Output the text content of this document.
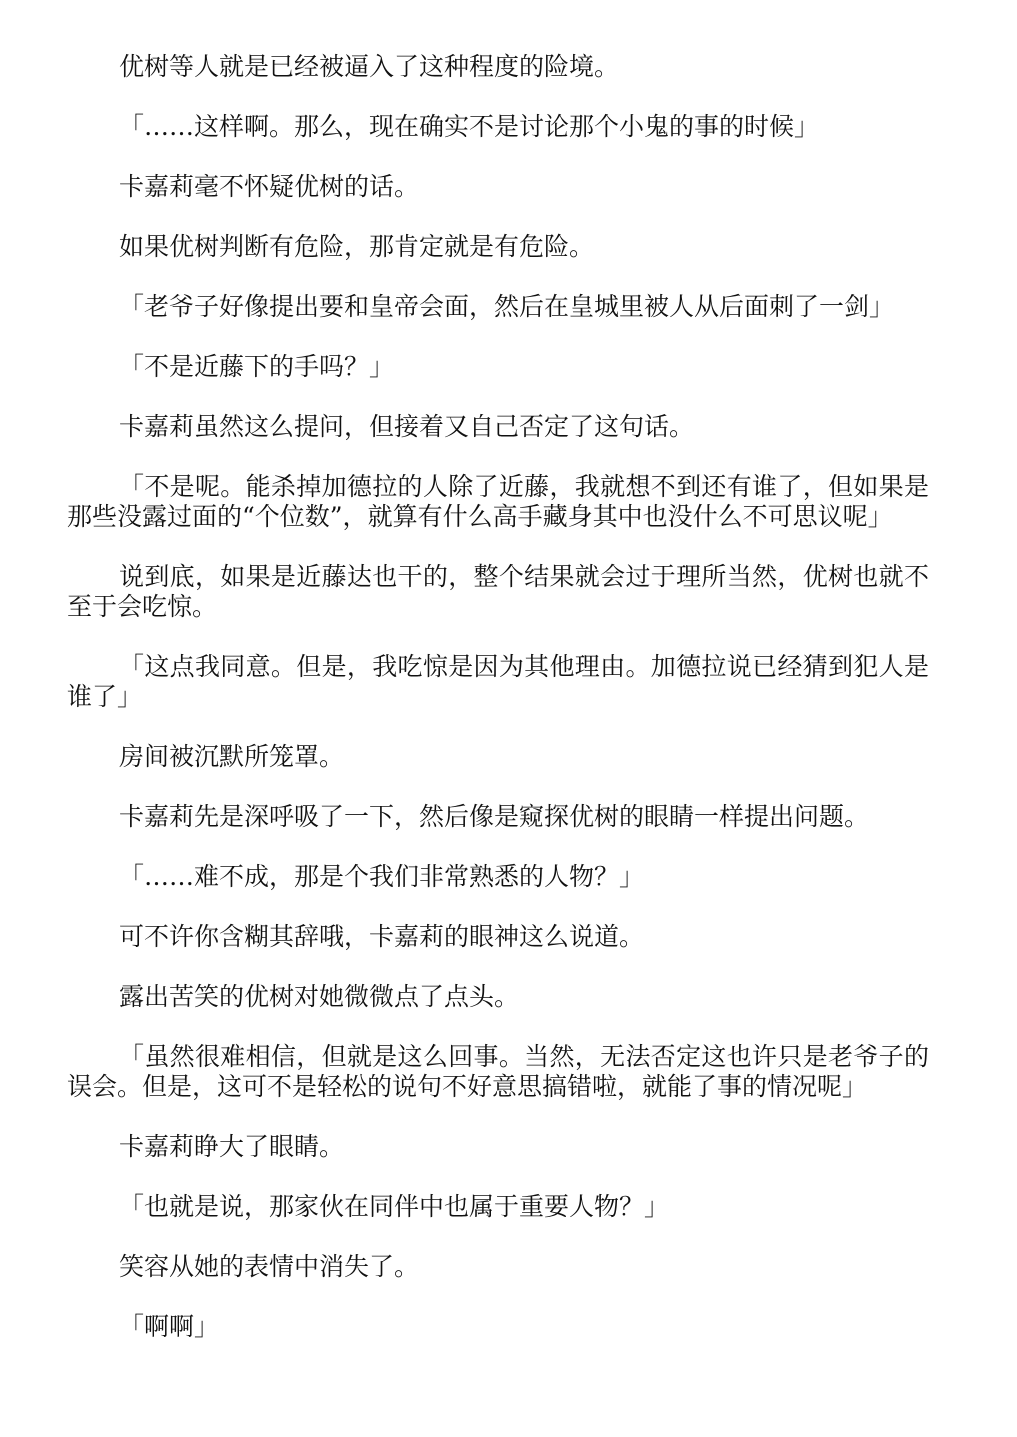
优树等人就是已经被逼入了这种程度的险境。

「……这样啊。那么，现在确实不是讨论那个小鬼的事的时候」

卡嘉莉毫不怀疑优树的话。

如果优树判断有危险，那肯定就是有危险。

「老爷子好像提出要和皇帝会面，然后在皇城里被人从后面刺了一剑」

「不是近藤下的手吗？」

卡嘉莉虽然这么提问，但接着又自己否定了这句话。

「不是呢。能杀掉加德拉的人除了近藤，我就想不到还有谁了，但如果是那些没露过面的“个位数”，就算有什么高手藏身其中也没什么不可思议呢」

说到底，如果是近藤达也干的，整个结果就会过于理所当然，优树也就不至于会吃惊。

「这点我同意。但是，我吃惊是因为其他理由。加德拉说已经猜到犯人是谁了」

房间被沉默所笼罩。

卡嘉莉先是深呼吸了一下，然后像是窥探优树的眼睛一样提出问题。

「……难不成，那是个我们非常熟悉的人物？」

可不许你含糊其辞哦，卡嘉莉的眼神这么说道。

露出苦笑的优树对她微微点了点头。

「虽然很难相信，但就是这么回事。当然，无法否定这也许只是老爷子的误会。但是，这可不是轻松的说句不好意思搞错啦，就能了事的情况呢」

卡嘉莉睁大了眼睛。

「也就是说，那家伙在同伴中也属于重要人物？」

笑容从她的表情中消失了。

「啊啊」
